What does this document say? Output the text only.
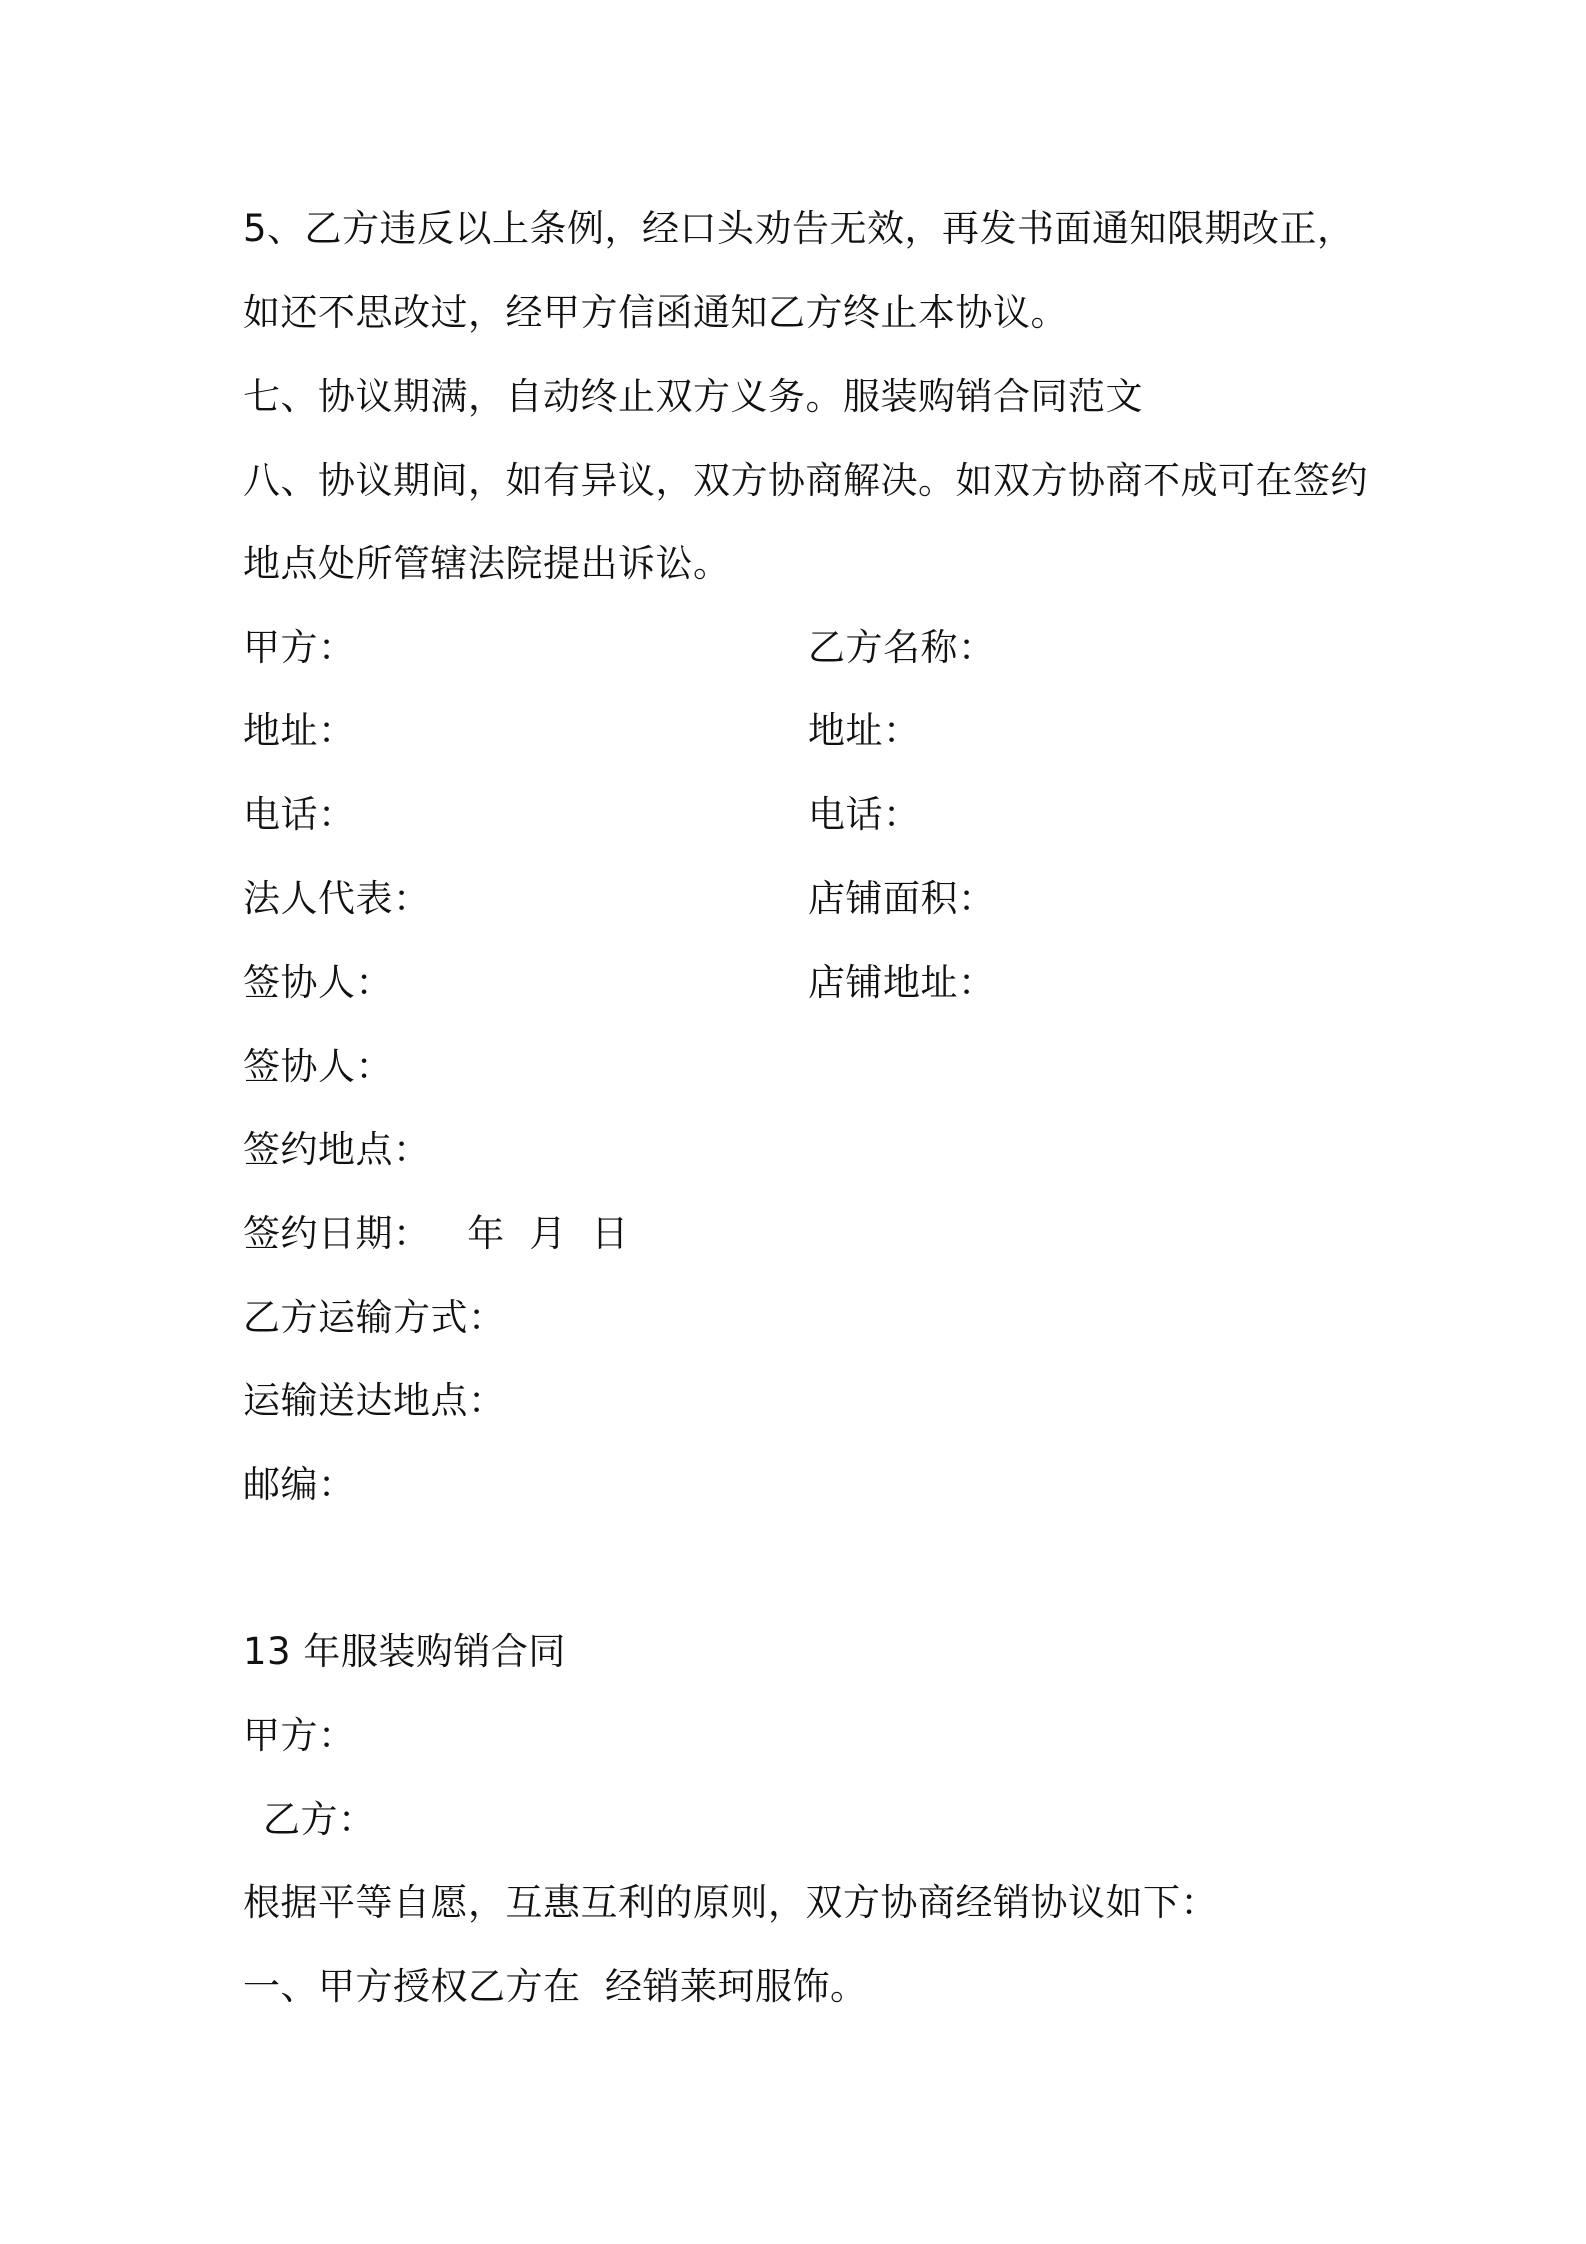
5、乙方违反以上条例，经口头劝告无效，再发书面通知限期改正，
如还不思改过，经甲方信函通知乙方终止本协议。
七、协议期满，自动终止双方义务。服装购销合同范文
八、协议期间，如有异议，双方协商解决。如双方协商不成可在签约
地点处所管辖法院提出诉讼。
甲方：
地址：
电话：
法人代表：
签协人：
乙方名称：
地址：
电话：
店铺面积：
店铺地址：
签协人：
签约地点：
签约日期：   年  月  日
乙方运输方式：
运输送达地点：
邮编：
13 年服装购销合同
甲方：
乙方：
根据平等自愿，互惠互利的原则，双方协商经销协议如下：
一、甲方授权乙方在  经销莱珂服饰。
